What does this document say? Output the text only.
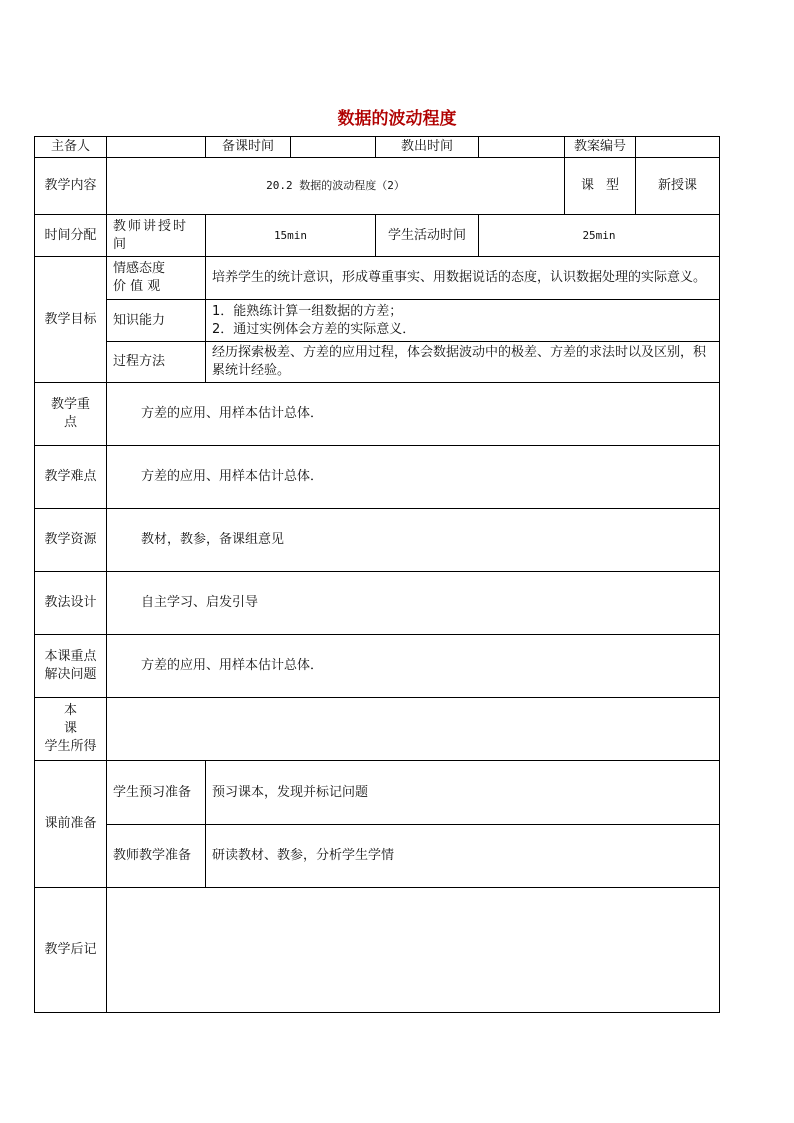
数据的波动程度
主备人		备课时间		教出时间		教案编号	
教学内容	20.2 数据的波动程度（2）					课 型	新授课
时间分配	教师讲授时间	15min		学生活动时间	25min		
教学目标	情感态度
价 值 观	培养学生的统计意识，形成尊重事实、用数据说话的态度，认识数据处理的实际意义。					
	知识能力	1．能熟练计算一组数据的方差；
2．通过实例体会方差的实际意义．					

	过程方法	经历探索极差、方差的应用过程，体会数据波动中的极差、方差的求法时以及区别，积累统计经验。					

教学重
点	方差的应用、用样本估计总体．						
教学难点	方差的应用、用样本估计总体．						
教学资源	教材，教参，备课组意见						
教法设计	自主学习、启发引导						

本课重点
解决问题	方差的应用、用样本估计总体．						

本
课
学生所得							

课前准备	学生预习准备	预习课本，发现并标记问题					
	教师教学准备	研读教材、教参，分析学生学情					
教学后记							
